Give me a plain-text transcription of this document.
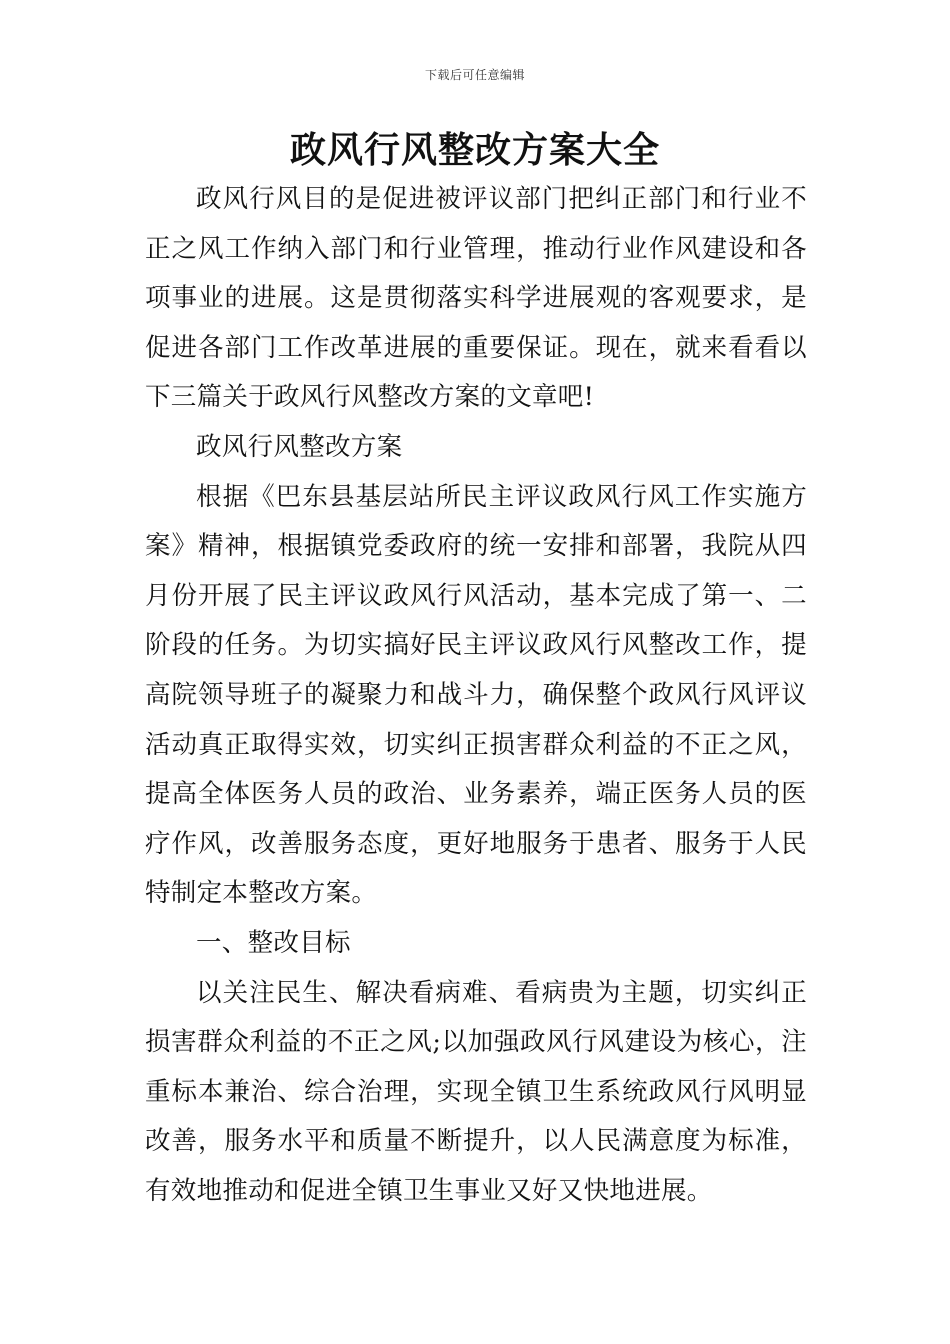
下载后可任意编辑
政风行风整改方案大全

政风行风目的是促进被评议部门把纠正部门和行业不正之风工作纳入部门和行业管理，推动行业作风建设和各项事业的进展。这是贯彻落实科学进展观的客观要求，是促进各部门工作改革进展的重要保证。现在，就来看看以下三篇关于政风行风整改方案的文章吧!

政风行风整改方案

根据《巴东县基层站所民主评议政风行风工作实施方案》精神，根据镇党委政府的统一安排和部署，我院从四月份开展了民主评议政风行风活动，基本完成了第一、二阶段的任务。为切实搞好民主评议政风行风整改工作，提高院领导班子的凝聚力和战斗力，确保整个政风行风评议活动真正取得实效，切实纠正损害群众利益的不正之风，提高全体医务人员的政治、业务素养，端正医务人员的医疗作风，改善服务态度，更好地服务于患者、服务于人民特制定本整改方案。

一、整改目标

以关注民生、解决看病难、看病贵为主题，切实纠正损害群众利益的不正之风;以加强政风行风建设为核心，注重标本兼治、综合治理，实现全镇卫生系统政风行风明显改善，服务水平和质量不断提升，以人民满意度为标准，有效地推动和促进全镇卫生事业又好又快地进展。
